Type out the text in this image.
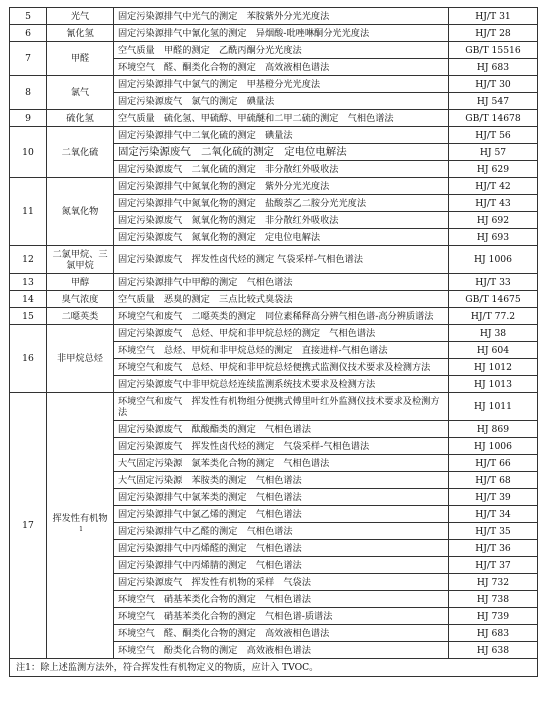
5	光气	固定污染源排气中光气的测定　苯胺紫外分光光度法	HJ/T 31
6	氰化氢	固定污染源排气中氰化氢的测定　异烟酸-吡唑啉酮分光光度法	HJ/T 28
7	甲醛	空气质量　甲醛的测定　乙酰丙酮分光光度法	GB/T 15516
		环境空气　醛、酮类化合物的测定　高效液相色谱法	HJ 683
8	氯气	固定污染源排气中氯气的测定　甲基橙分光光度法	HJ/T 30
		固定污染源废气　氯气的测定　碘量法	HJ 547
9	硫化氢	空气质量　硫化氢、甲硫醇、甲硫醚和二甲二硫的测定　气相色谱法	GB/T 14678
10	二氧化硫	固定污染源排气中二氧化硫的测定　碘量法	HJ/T 56
		固定污染源废气　二氧化硫的测定　定电位电解法	HJ 57
		固定污染源废气　二氧化硫的测定　非分散红外吸收法	HJ 629
11	氮氧化物	固定污染源排气中氮氧化物的测定　紫外分光光度法	HJ/T 42
		固定污染源排气中氮氧化物的测定　盐酸萘乙二胺分光光度法	HJ/T 43
		固定污染源废气　氮氧化物的测定　非分散红外吸收法	HJ 692
		固定污染源废气　氮氧化物的测定　定电位电解法	HJ 693
12	二氯甲烷、三氯甲烷	固定污染源废气　挥发性卤代烃的测定 气袋采样-气相色谱法	HJ 1006
13	甲醇	固定污染源排气中甲醇的测定　气相色谱法	HJ/T 33
14	臭气浓度	空气质量　恶臭的测定　三点比较式臭袋法	GB/T 14675
15	二噁英类	环境空气和废气　二噁英类的测定　同位素稀释高分辨气相色谱-高分辨质谱法	HJ/T 77.2
16	非甲烷总烃	固定污染源废气　总烃、甲烷和非甲烷总烃的测定　气相色谱法	HJ 38
		环境空气　总烃、甲烷和非甲烷总烃的测定　直接进样-气相色谱法	HJ 604
		环境空气和废气　总烃、甲烷和非甲烷总烃便携式监测仪技术要求及检测方法	HJ 1012
		固定污染源废气中非甲烷总烃连续监测系统技术要求及检测方法	HJ 1013
17	挥发性有机物$^1$	环境空气和废气　挥发性有机物组分便携式傅里叶红外监测仪技术要求及检测方法	HJ 1011
		固定污染源废气　酞酸酯类的测定　气相色谱法	HJ 869
		固定污染源废气　挥发性卤代烃的测定　气袋采样-气相色谱法	HJ 1006
		大气固定污染源　氯苯类化合物的测定　气相色谱法	HJ/T 66
		大气固定污染源　苯胺类的测定　气相色谱法	HJ/T 68
		固定污染源排气中氯苯类的测定　气相色谱法	HJ/T 39
		固定污染源排气中氯乙烯的测定　气相色谱法	HJ/T 34
		固定污染源排气中乙醛的测定　气相色谱法	HJ/T 35
		固定污染源排气中丙烯醛的测定　气相色谱法	HJ/T 36
		固定污染源排气中丙烯腈的测定　气相色谱法	HJ/T 37
		固定污染源废气　挥发性有机物的采样　气袋法	HJ 732
		环境空气　硝基苯类化合物的测定　气相色谱法	HJ 738
		环境空气　硝基苯类化合物的测定　气相色谱-质谱法	HJ 739
		环境空气　醛、酮类化合物的测定　高效液相色谱法	HJ 683
		环境空气　酚类化合物的测定　高效液相色谱法	HJ 638
注1：除上述监测方法外，符合挥发性有机物定义的物质，应计入 TVOC。
